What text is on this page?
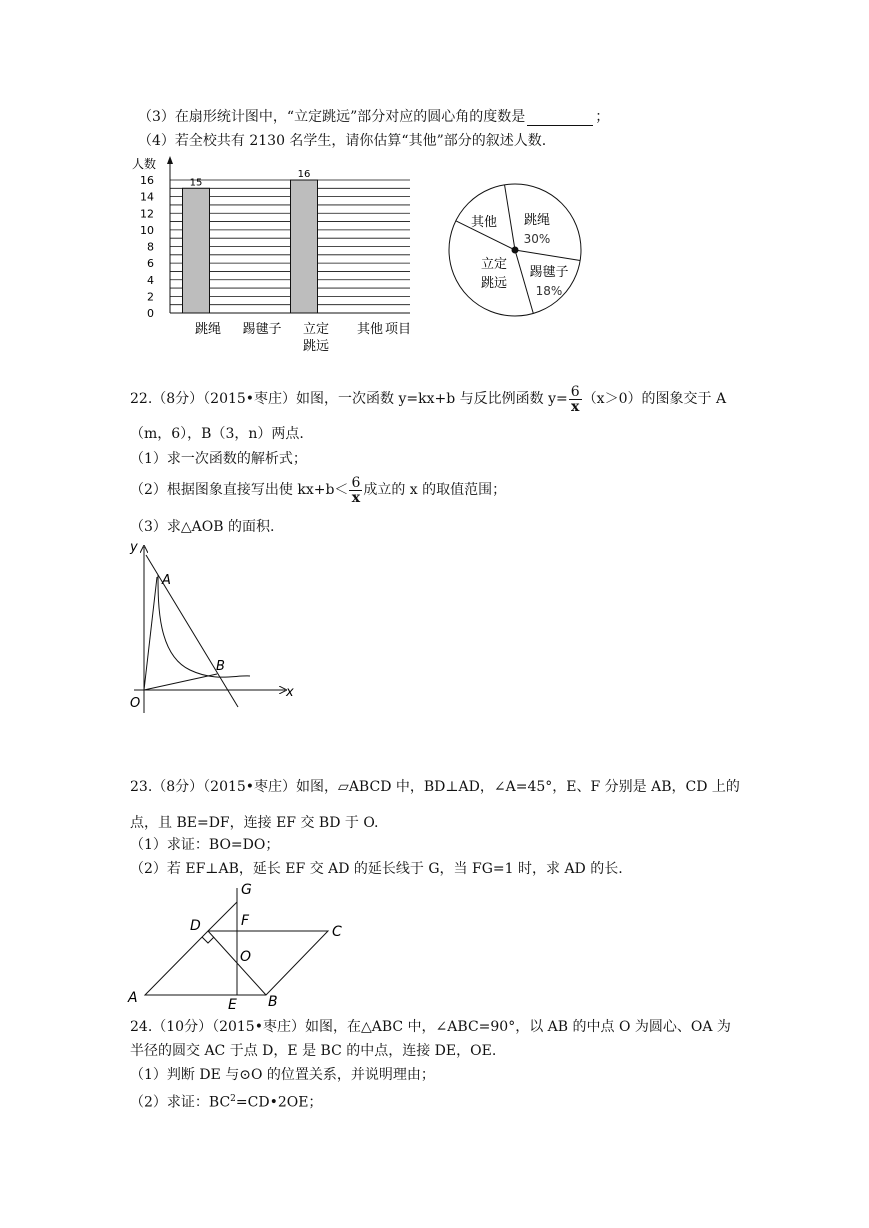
（3）在扇形统计图中，“立定跳远”部分对应的圆心角的度数是	；
（4）若全校共有 2130 名学生，请你估算“其他”部分的叙述人数.
0
2
4
6
8
10
12
14
16
人数
15
跳绳 踢毽子
16
立定
跳远
其他 项目
跳绳
30%
踢毽子
18%
立定
跳远
其他
22.（8分）（2015•枣庄）如图，一次函数 y=kx+b 与反比例函数 $y= \frac{6}{x} (x>0)$的图象交于 A
（m，6），B（3，n）两点.
（1）求一次函数的解析式；
（2）根据图象直接写出使 $kx+b< \frac{6}{x}$ 成立的 x 的取值范围；
（3）求△AOB 的面积.
y
x
O
A
B
23.（8分）（2015•枣庄）如图，▱ABCD 中，BD⊥AD，∠A=45°，E、F 分别是 AB，CD 上的
点，且 BE=DF，连接 EF 交 BD 于 O.
（1）求证：BO=DO；
（2）若 EF⊥AB，延长 EF 交 AD 的延长线于 G，当 FG=1 时，求 AD 的长.
G
D	F
C
O
A	E B
24.（10分）（2015•枣庄）如图，在△ABC 中，∠ABC=90°，以 AB 的中点 O 为圆心、OA 为
半径的圆交 AC 于点 D，E 是 BC 的中点，连接 DE，OE.
（1）判断 DE 与⊙O 的位置关系，并说明理由；
（2）求证：$BC^2=CD•2OE$；
